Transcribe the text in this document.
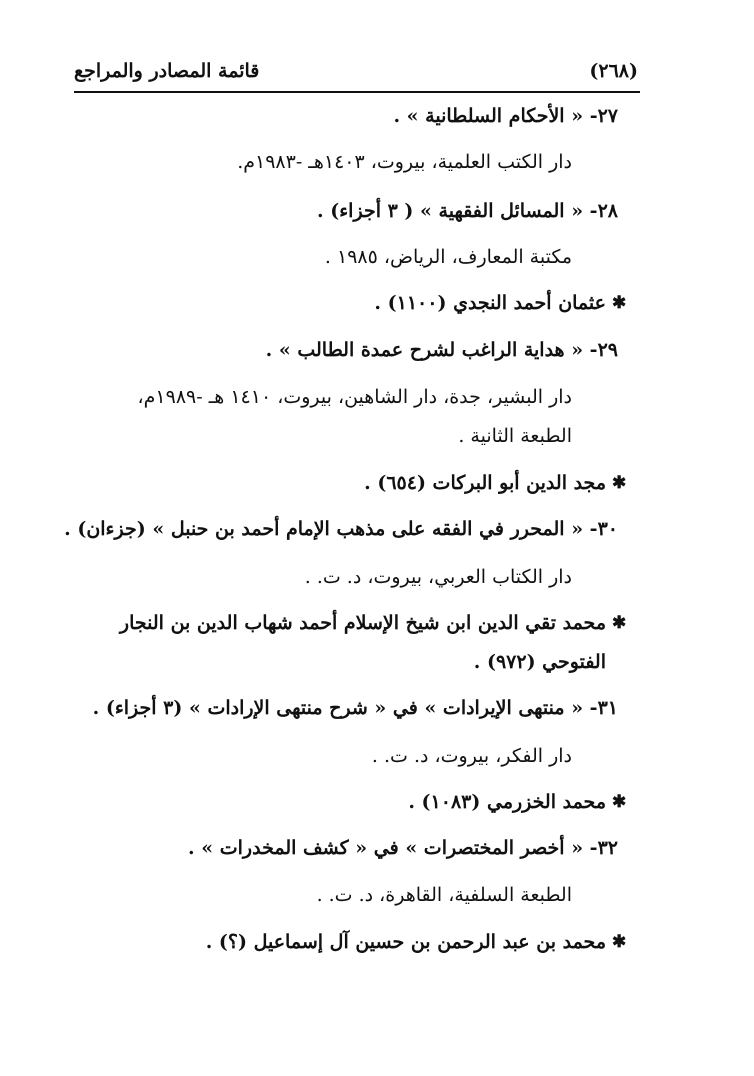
(٢٦٨)
قائمة المصادر والمراجع
٢٧- « الأحكام السلطانية » .
دار الكتب العلمية، بيروت، ١٤٠٣هـ -١٩٨٣م.
٢٨- « المسائل الفقهية » ( ٣ أجزاء) .
مكتبة المعارف، الرياض، ١٩٨٥ .
✱
عثمان أحمد النجدي (١١٠٠) .
٢٩- « هداية الراغب لشرح عمدة الطالب » .
دار البشير، جدة، دار الشاهين، بيروت، ١٤١٠ هـ -١٩٨٩م،
الطبعة الثانية .
✱
مجد الدين أبو البركات (٦٥٤) .
٣٠- « المحرر في الفقه على مذهب الإمام أحمد بن حنبل » (جزءان) .
دار الكتاب العربي، بيروت، د. ت. .
✱
محمد تقي الدين ابن شيخ الإسلام أحمد شهاب الدين بن النجار
الفتوحي (٩٧٢) .
٣١- « منتهى الإيرادات » في « شرح منتهى الإرادات » (٣ أجزاء) .
دار الفكر، بيروت، د. ت. .
✱
محمد الخزرمي (١٠٨٣) .
٣٢- « أخصر المختصرات » في « كشف المخدرات » .
الطبعة السلفية، القاهرة، د. ت. .
✱
محمد بن عبد الرحمن بن حسين آل إسماعيل (؟) .
